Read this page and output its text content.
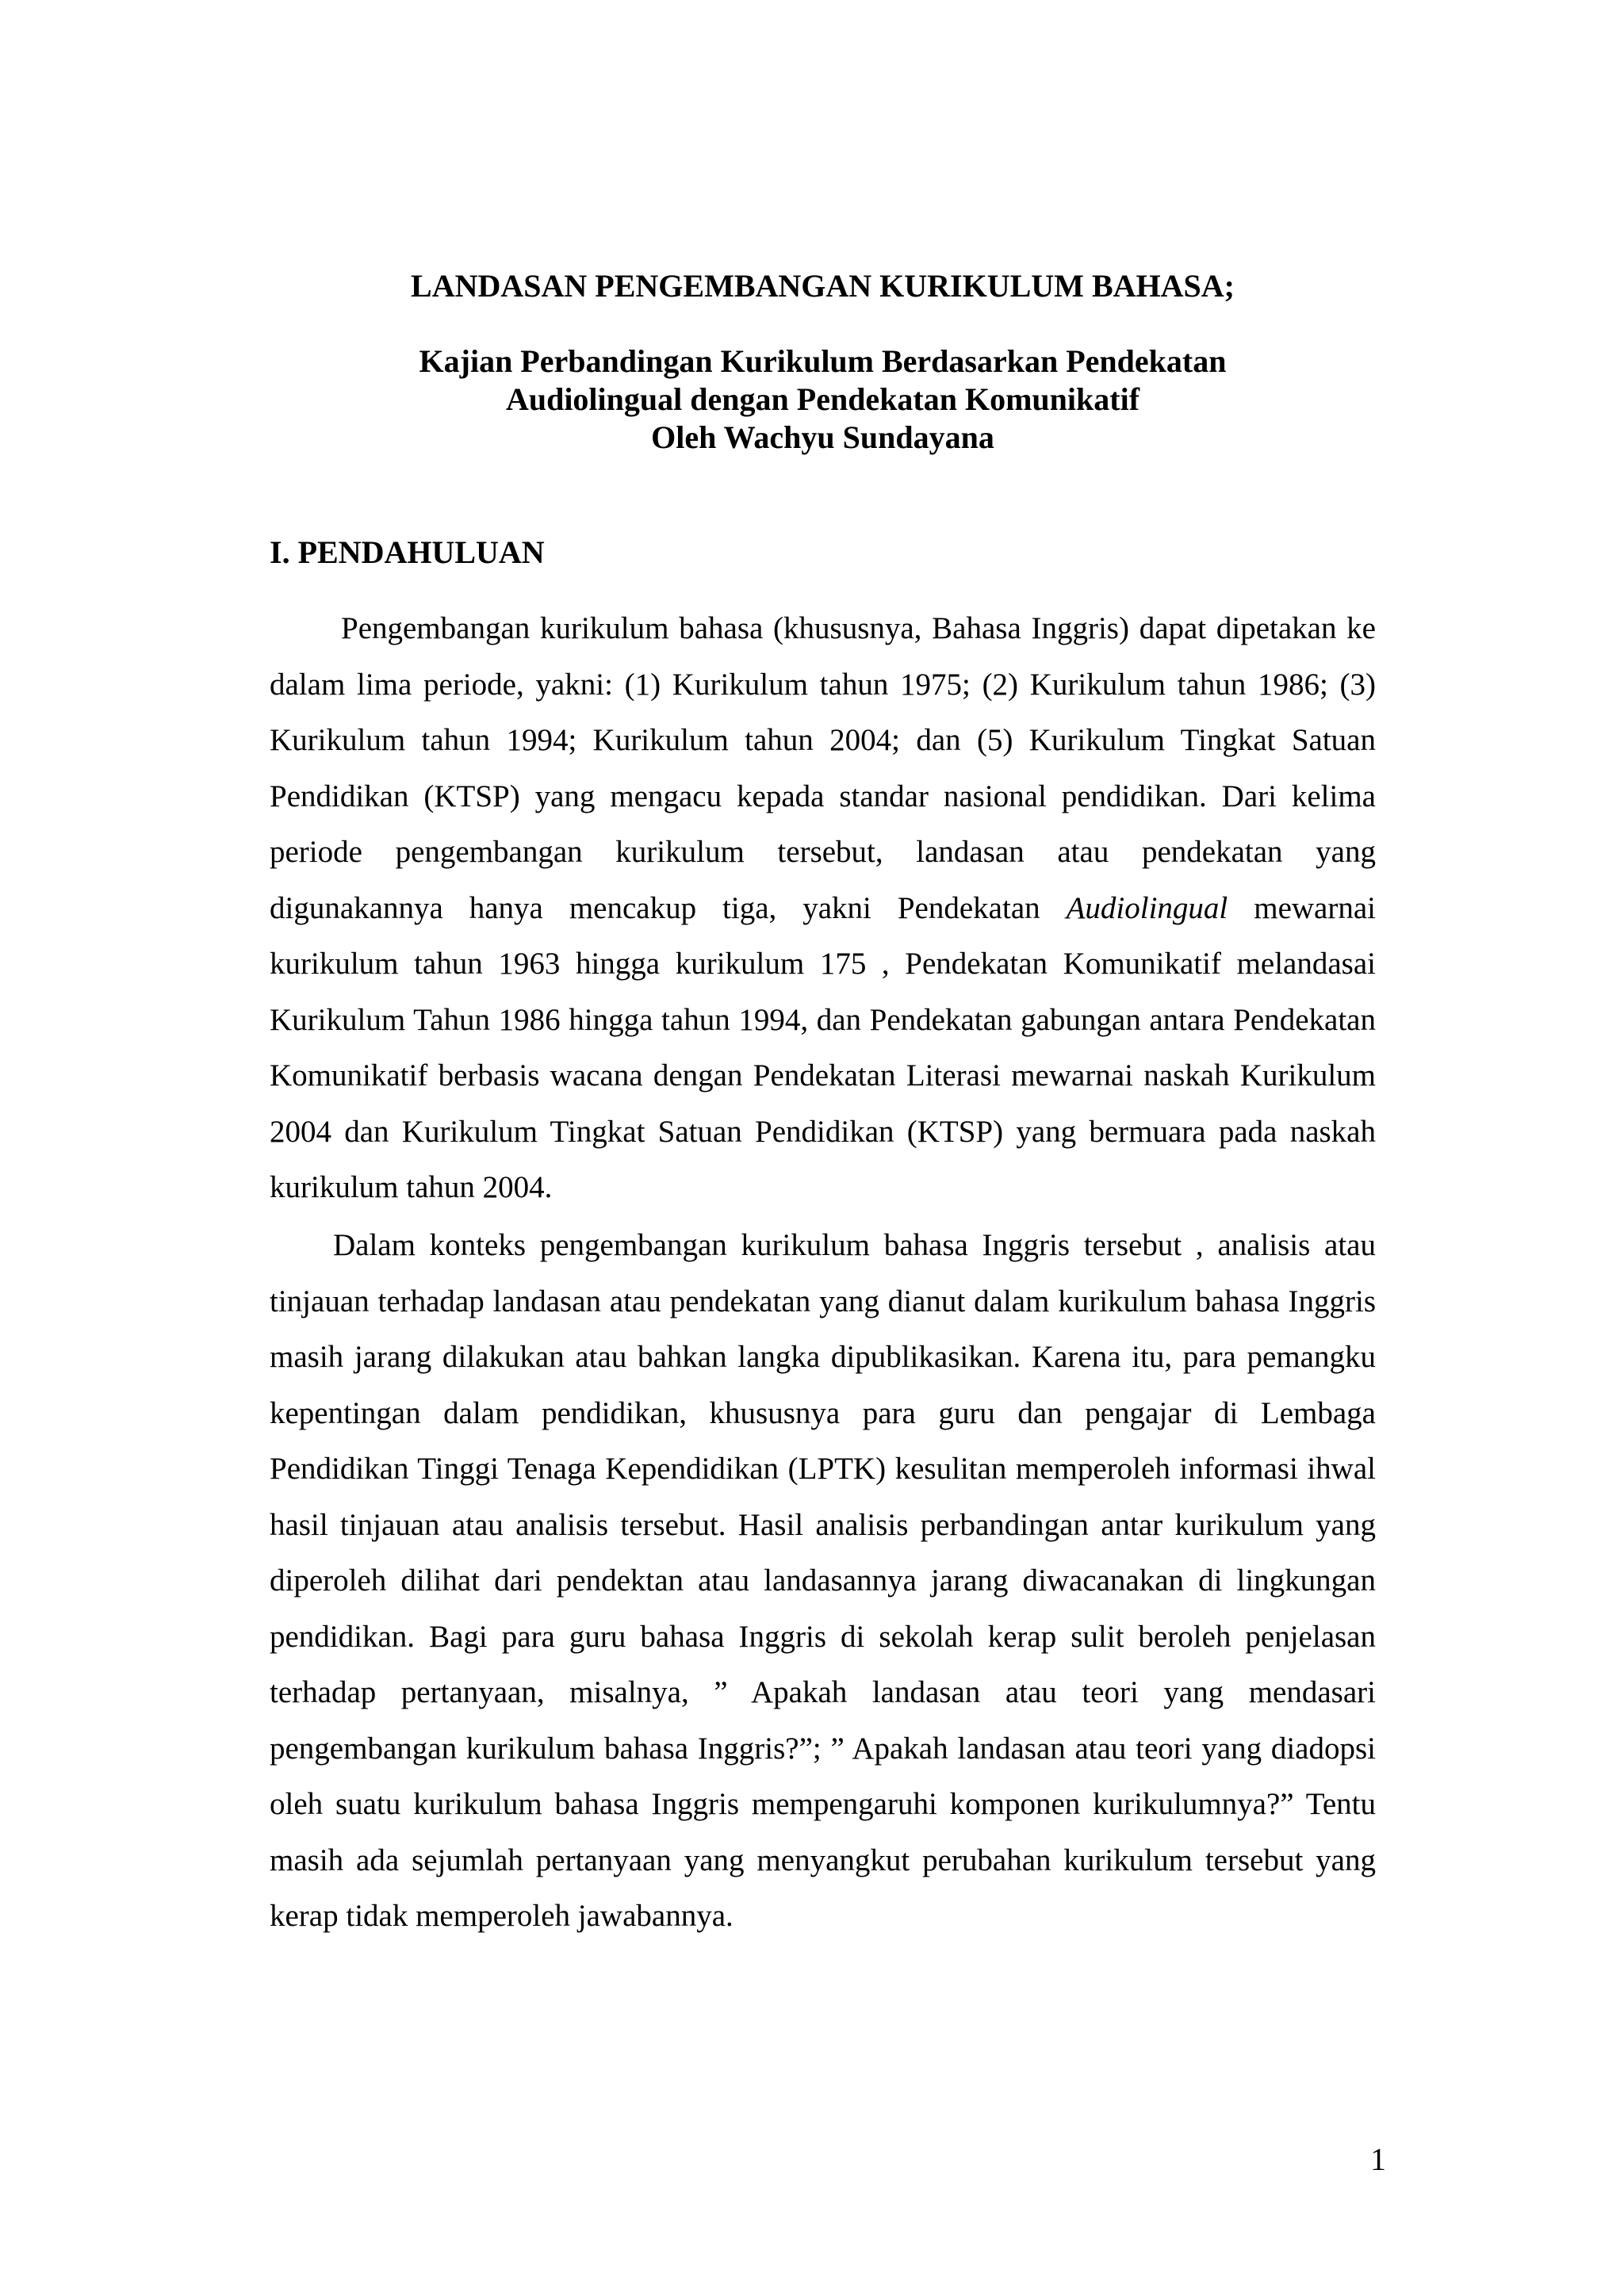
LANDASAN PENGEMBANGAN KURIKULUM BAHASA;
Kajian Perbandingan Kurikulum Berdasarkan Pendekatan
Audiolingual dengan Pendekatan Komunikatif
Oleh Wachyu Sundayana
I. PENDAHULUAN

Pengembangan kurikulum bahasa (khususnya, Bahasa Inggris) dapat dipetakan ke dalam lima periode, yakni: (1) Kurikulum tahun 1975; (2) Kurikulum tahun 1986; (3) Kurikulum tahun 1994; Kurikulum tahun 2004; dan (5) Kurikulum Tingkat Satuan Pendidikan (KTSP) yang mengacu kepada standar nasional pendidikan. Dari kelima periode pengembangan kurikulum tersebut, landasan atau pendekatan yang digunakannya hanya mencakup tiga, yakni Pendekatan Audiolingual mewarnai kurikulum tahun 1963 hingga kurikulum 175 , Pendekatan Komunikatif melandasai Kurikulum Tahun 1986 hingga tahun 1994, dan Pendekatan gabungan antara Pendekatan Komunikatif berbasis wacana dengan Pendekatan Literasi mewarnai naskah Kurikulum 2004 dan Kurikulum Tingkat Satuan Pendidikan (KTSP) yang bermuara pada naskah kurikulum tahun 2004.

Dalam konteks pengembangan kurikulum bahasa Inggris tersebut , analisis atau tinjauan terhadap landasan atau pendekatan yang dianut dalam kurikulum bahasa Inggris masih jarang dilakukan atau bahkan langka dipublikasikan. Karena itu, para pemangku kepentingan dalam pendidikan, khususnya para guru dan pengajar di Lembaga Pendidikan Tinggi Tenaga Kependidikan (LPTK) kesulitan memperoleh informasi ihwal hasil tinjauan atau analisis tersebut. Hasil analisis perbandingan antar kurikulum yang diperoleh dilihat dari pendektan atau landasannya jarang diwacanakan di lingkungan pendidikan. Bagi para guru bahasa Inggris di sekolah kerap sulit beroleh penjelasan terhadap pertanyaan, misalnya, ” Apakah landasan atau teori yang mendasari pengembangan kurikulum bahasa Inggris?”; ” Apakah landasan atau teori yang diadopsi oleh suatu kurikulum bahasa Inggris mempengaruhi komponen kurikulumnya?” Tentu masih ada sejumlah pertanyaan yang menyangkut perubahan kurikulum tersebut yang kerap tidak memperoleh jawabannya.

1
